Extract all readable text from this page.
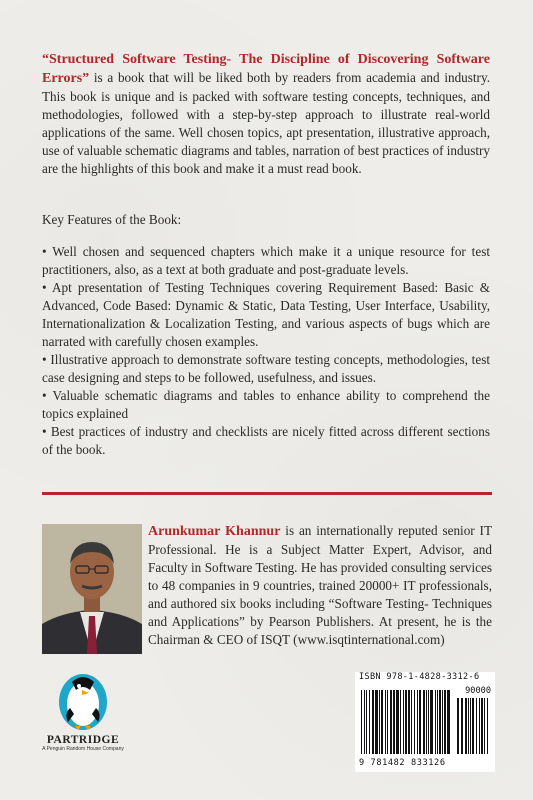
“Structured Software Testing- The Discipline of Discovering Software Errors” is a book that will be liked both by readers from academia and industry. This book is unique and is packed with software testing concepts, techniques, and methodologies, followed with a step-by-step approach to illustrate real-world applications of the same. Well chosen topics, apt presentation, illustrative approach, use of valuable schematic diagrams and tables, narration of best practices of industry are the highlights of this book and make it a must read book.

Key Features of the Book:

• Well chosen and sequenced chapters which make it a unique resource for test practitioners, also, as a text at both graduate and post-graduate levels.

• Apt presentation of Testing Techniques covering Requirement Based: Basic & Advanced, Code Based: Dynamic & Static, Data Testing, User Interface, Usability, Internationalization & Localization Testing, and various aspects of bugs which are narrated with carefully chosen examples.

• Illustrative approach to demonstrate software testing concepts, methodologies, test case designing and steps to be followed, usefulness, and issues.

• Valuable schematic diagrams and tables to enhance ability to comprehend the topics explained

• Best practices of industry and checklists are nicely fitted across different sections of the book.

Arunkumar Khannur is an internationally reputed senior IT Professional. He is a Subject Matter Expert, Advisor, and Faculty in Software Testing. He has provided consulting services to 48 companies in 9 countries, trained 20000+ IT professionals, and authored six books including “Software Testing- Techniques and Applications” by Pearson Publishers. At present, he is the Chairman & CEO of ISQT (www.isqtinternational.com)

PARTRIDGE
A Penguin Random House Company
ISBN 978-1-4828-3312-6
90000
9 781482 833126
